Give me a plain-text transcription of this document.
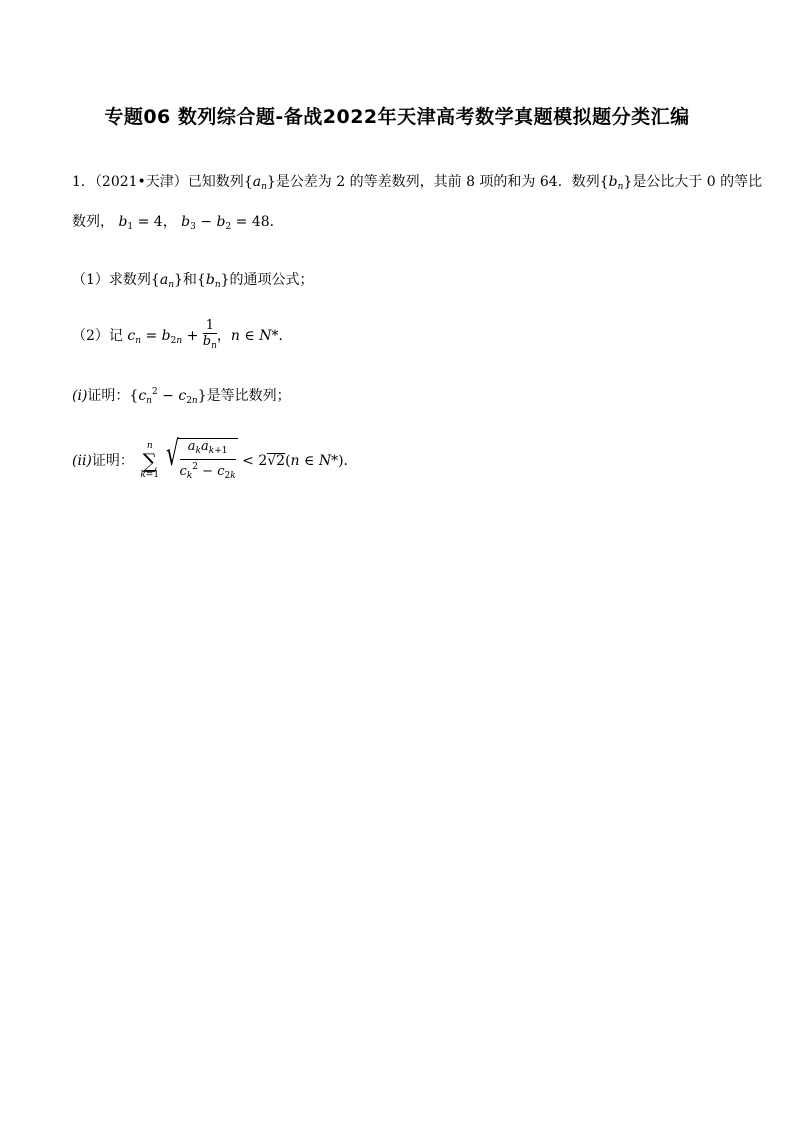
专题06 数列综合题-备战2022年天津高考数学真题模拟题分类汇编
1．（2021•天津）已知数列$\{a_n\}$是公差为 2 的等差数列，其前 8 项的和为 64．数列$\{b_n\}$是公比大于 0 的等比
数列， $b_1 = 4$， $b_3 - b_2 = 48$．
（1）求数列$\{a_n\}$和$\{b_n\}$的通项公式；
（2）记 $c_n = b_{2n} + \frac{1}{b_n}$ ，n ∈ N*．
(i)证明：$\{c_n^2 - c_{2n}\}$是等比数列；
(ii)证明：
n
∑
k=1

√ $\frac{a_ka_{k+1}}{c_k^2 - c_{2k}} < 2√2(n$ ∈ N*)．
